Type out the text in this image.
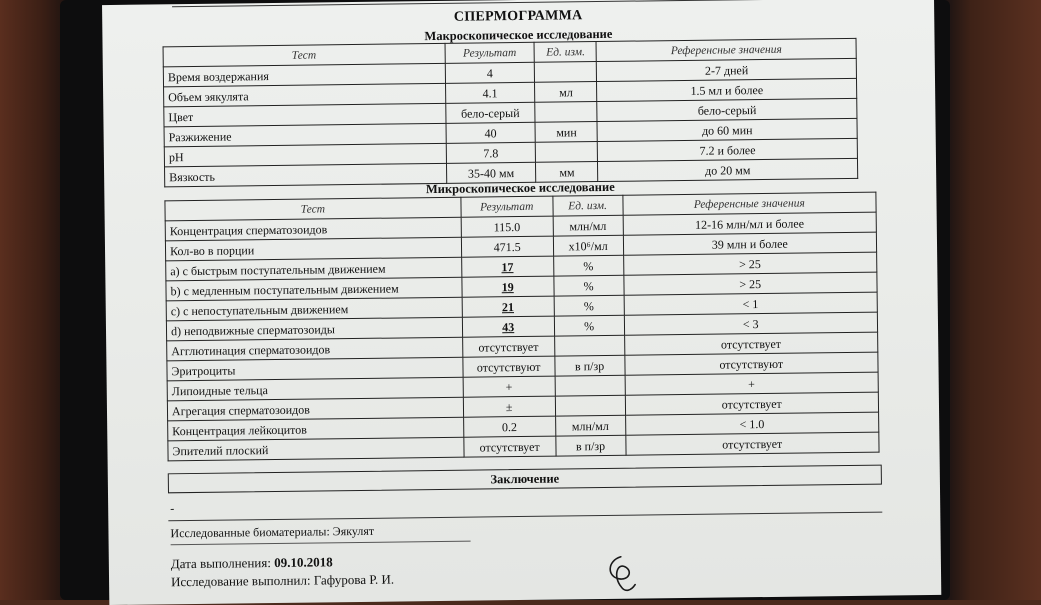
СПЕРМОГРАММА
Макроскопическое исследование
Тест	Результат	Ед. изм.	Референсные значения
Время воздержания	4		2-7 дней
Объем эякулята	4.1	мл	1.5 мл и более
Цвет	бело-серый		бело-серый
Разжижение	40	мин	до 60 мин
pH	7.8		7.2 и более
Вязкость	35-40 мм	мм	до 20 мм
Микроскопическое исследование
Тест	Результат	Ед. изм.	Референсные значения
Концентрация сперматозоидов	115.0	млн/мл	12-16 млн/мл и более
Кол-во в порции	471.5	x10⁶/мл	39 млн и более
a) с быстрым поступательным движением	17	%	> 25
b) с медленным поступательным движением	19	%	> 25
c) с непоступательным движением	21	%	< 1
d) неподвижные сперматозоиды	43	%	< 3
Агглютинация сперматозоидов	отсутствует		отсутствует
Эритроциты	отсутствуют	в п/зр	отсутствуют
Липоидные тельца	+		+
Агрегация сперматозоидов	±		отсутствует
Концентрация лейкоцитов	0.2	млн/мл	< 1.0
Эпителий плоский	отсутствует	в п/зр	отсутствует
Заключение
-
Исследованные биоматериалы: Эякулят
Дата выполнения: 09.10.2018
Исследование выполнил: Гафурова Р. И.
